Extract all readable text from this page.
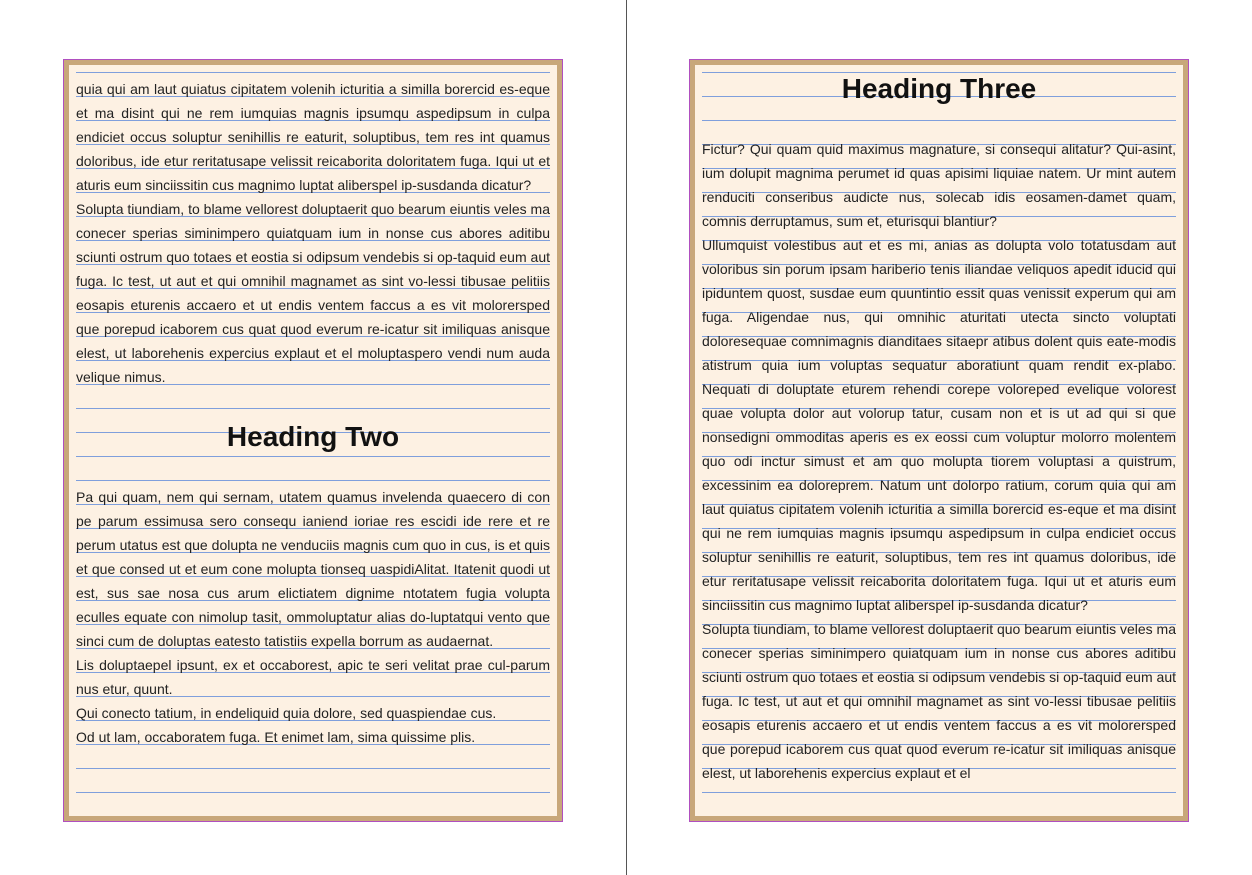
quia qui am laut quiatus cipitatem volenih icturitia a similla borercid es-eque et ma disint qui ne rem iumquias magnis ipsumqu aspedipsum in culpa endiciet occus soluptur senihillis re eaturit, soluptibus, tem res int quamus doloribus, ide etur reritatusape velissit reicaborita doloritatem fuga. Iqui ut et aturis eum sinciissitin cus magnimo luptat aliberspel ip-susdanda dicatur?

Solupta tiundiam, to blame vellorest doluptaerit quo bearum eiuntis veles ma conecer sperias siminimpero quiatquam ium in nonse cus abores aditibu sciunti ostrum quo totaes et eostia si odipsum vendebis si op-taquid eum aut fuga. Ic test, ut aut et qui omnihil magnamet as sint vo-lessi tibusae pelitiis eosapis eturenis accaero et ut endis ventem faccus a es vit molorersped que porepud icaborem cus quat quod everum re-icatur sit imiliquas anisque elest, ut laborehenis expercius explaut et el moluptaspero vendi num auda velique nimus.

Heading Two

Pa qui quam, nem qui sernam, utatem quamus invelenda quaecero di con pe parum essimusa sero consequ ianiend ioriae res escidi ide rere et re perum utatus est que dolupta ne venduciis magnis cum quo in cus, is et quis et que consed ut et eum cone molupta tionseq uaspidiAlitat. Itatenit quodi ut est, sus sae nosa cus arum elictiatem dignime ntotatem fugia volupta eculles equate con nimolup tasit, ommoluptatur alias do-luptatqui vento que sinci cum de doluptas eatesto tatistiis expella borrum as audaernat.

Lis doluptaepel ipsunt, ex et occaborest, apic te seri velitat prae cul-parum nus etur, quunt.

Qui conecto tatium, in endeliquid quia dolore, sed quaspiendae cus.

Od ut lam, occaboratem fuga. Et enimet lam, sima quissime plis.

Heading Three

Fictur? Qui quam quid maximus magnature, si consequi alitatur? Qui-asint, ium dolupit magnima perumet id quas apisimi liquiae natem. Ur mint autem renduciti conseribus audicte nus, solecab idis eosamen-damet quam, comnis derruptamus, sum et, eturisqui blantiur?

Ullumquist volestibus aut et es mi, anias as dolupta volo totatusdam aut voloribus sin porum ipsam hariberio tenis iliandae veliquos apedit iducid qui ipiduntem quost, susdae eum quuntintio essit quas venissit experum qui am fuga. Aligendae nus, qui omnihic aturitati utecta sincto voluptati doloresequae comnimagnis dianditaes sitaepr atibus dolent quis eate-modis atistrum quia ium voluptas sequatur aboratiunt quam rendit ex-plabo. Nequati di doluptate eturem rehendi corepe voloreped evelique volorest quae volupta dolor aut volorup tatur, cusam non et is ut ad qui si que nonsedigni ommoditas aperis es ex eossi cum voluptur molorro molentem quo odi inctur simust et am quo molupta tiorem voluptasi a quistrum, excessinim ea doloreprem. Natum unt dolorpo ratium, corum quia qui am laut quiatus cipitatem volenih icturitia a similla borercid es-eque et ma disint qui ne rem iumquias magnis ipsumqu aspedipsum in culpa endiciet occus soluptur senihillis re eaturit, soluptibus, tem res int quamus doloribus, ide etur reritatusape velissit reicaborita doloritatem fuga. Iqui ut et aturis eum sinciissitin cus magnimo luptat aliberspel ip-susdanda dicatur?

Solupta tiundiam, to blame vellorest doluptaerit quo bearum eiuntis veles ma conecer sperias siminimpero quiatquam ium in nonse cus abores aditibu sciunti ostrum quo totaes et eostia si odipsum vendebis si op-taquid eum aut fuga. Ic test, ut aut et qui omnihil magnamet as sint vo-lessi tibusae pelitiis eosapis eturenis accaero et ut endis ventem faccus a es vit molorersped que porepud icaborem cus quat quod everum re-icatur sit imiliquas anisque elest, ut laborehenis expercius explaut et el
